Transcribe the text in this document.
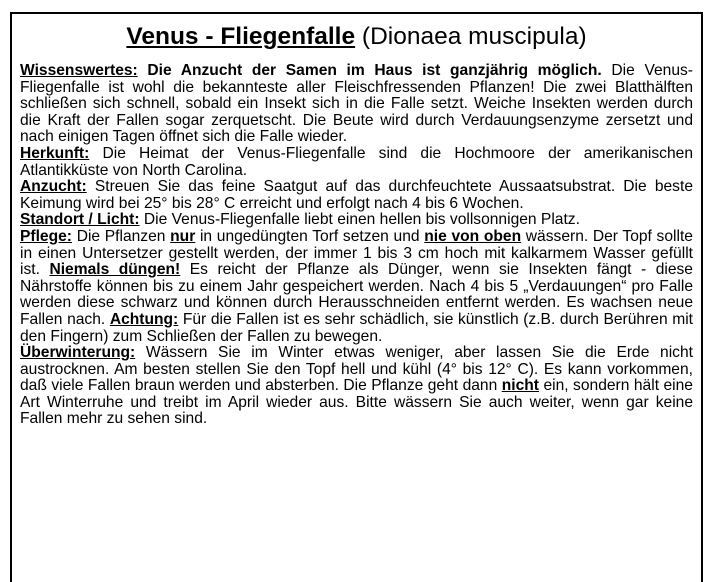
Venus - Fliegenfalle (Dionaea muscipula)

Wissenswertes: Die Anzucht der Samen im Haus ist ganzjährig möglich. Die Venus-Fliegenfalle ist wohl die bekannteste aller Fleischfressenden Pflanzen! Die zwei Blatthälften schließen sich schnell, sobald ein Insekt sich in die Falle setzt. Weiche Insekten werden durch die Kraft der Fallen sogar zerquetscht. Die Beute wird durch Verdauungsenzyme zersetzt und nach einigen Tagen öffnet sich die Falle wieder.

Herkunft: Die Heimat der Venus-Fliegenfalle sind die Hochmoore der amerikanischen Atlantikküste von North Carolina.

Anzucht: Streuen Sie das feine Saatgut auf das durchfeuchtete Aussaatsubstrat. Die beste Keimung wird bei 25° bis 28° C erreicht und erfolgt nach 4 bis 6 Wochen.

Standort / Licht: Die Venus-Fliegenfalle liebt einen hellen bis vollsonnigen Platz.

Pflege: Die Pflanzen nur in ungedüngten Torf setzen und nie von oben wässern. Der Topf sollte in einen Untersetzer gestellt werden, der immer 1 bis 3 cm hoch mit kalkarmem Wasser gefüllt ist. Niemals düngen! Es reicht der Pflanze als Dünger, wenn sie Insekten fängt - diese Nährstoffe können bis zu einem Jahr gespeichert werden. Nach 4 bis 5 „Verdauungen“ pro Falle werden diese schwarz und können durch Herausschneiden entfernt werden. Es wachsen neue Fallen nach. Achtung: Für die Fallen ist es sehr schädlich, sie künstlich (z.B. durch Berühren mit den Fingern) zum Schließen der Fallen zu bewegen.

Überwinterung: Wässern Sie im Winter etwas weniger, aber lassen Sie die Erde nicht austrocknen. Am besten stellen Sie den Topf hell und kühl (4° bis 12° C). Es kann vorkommen, daß viele Fallen braun werden und absterben. Die Pflanze geht dann nicht ein, sondern hält eine Art Winterruhe und treibt im April wieder aus. Bitte wässern Sie auch weiter, wenn gar keine Fallen mehr zu sehen sind.
